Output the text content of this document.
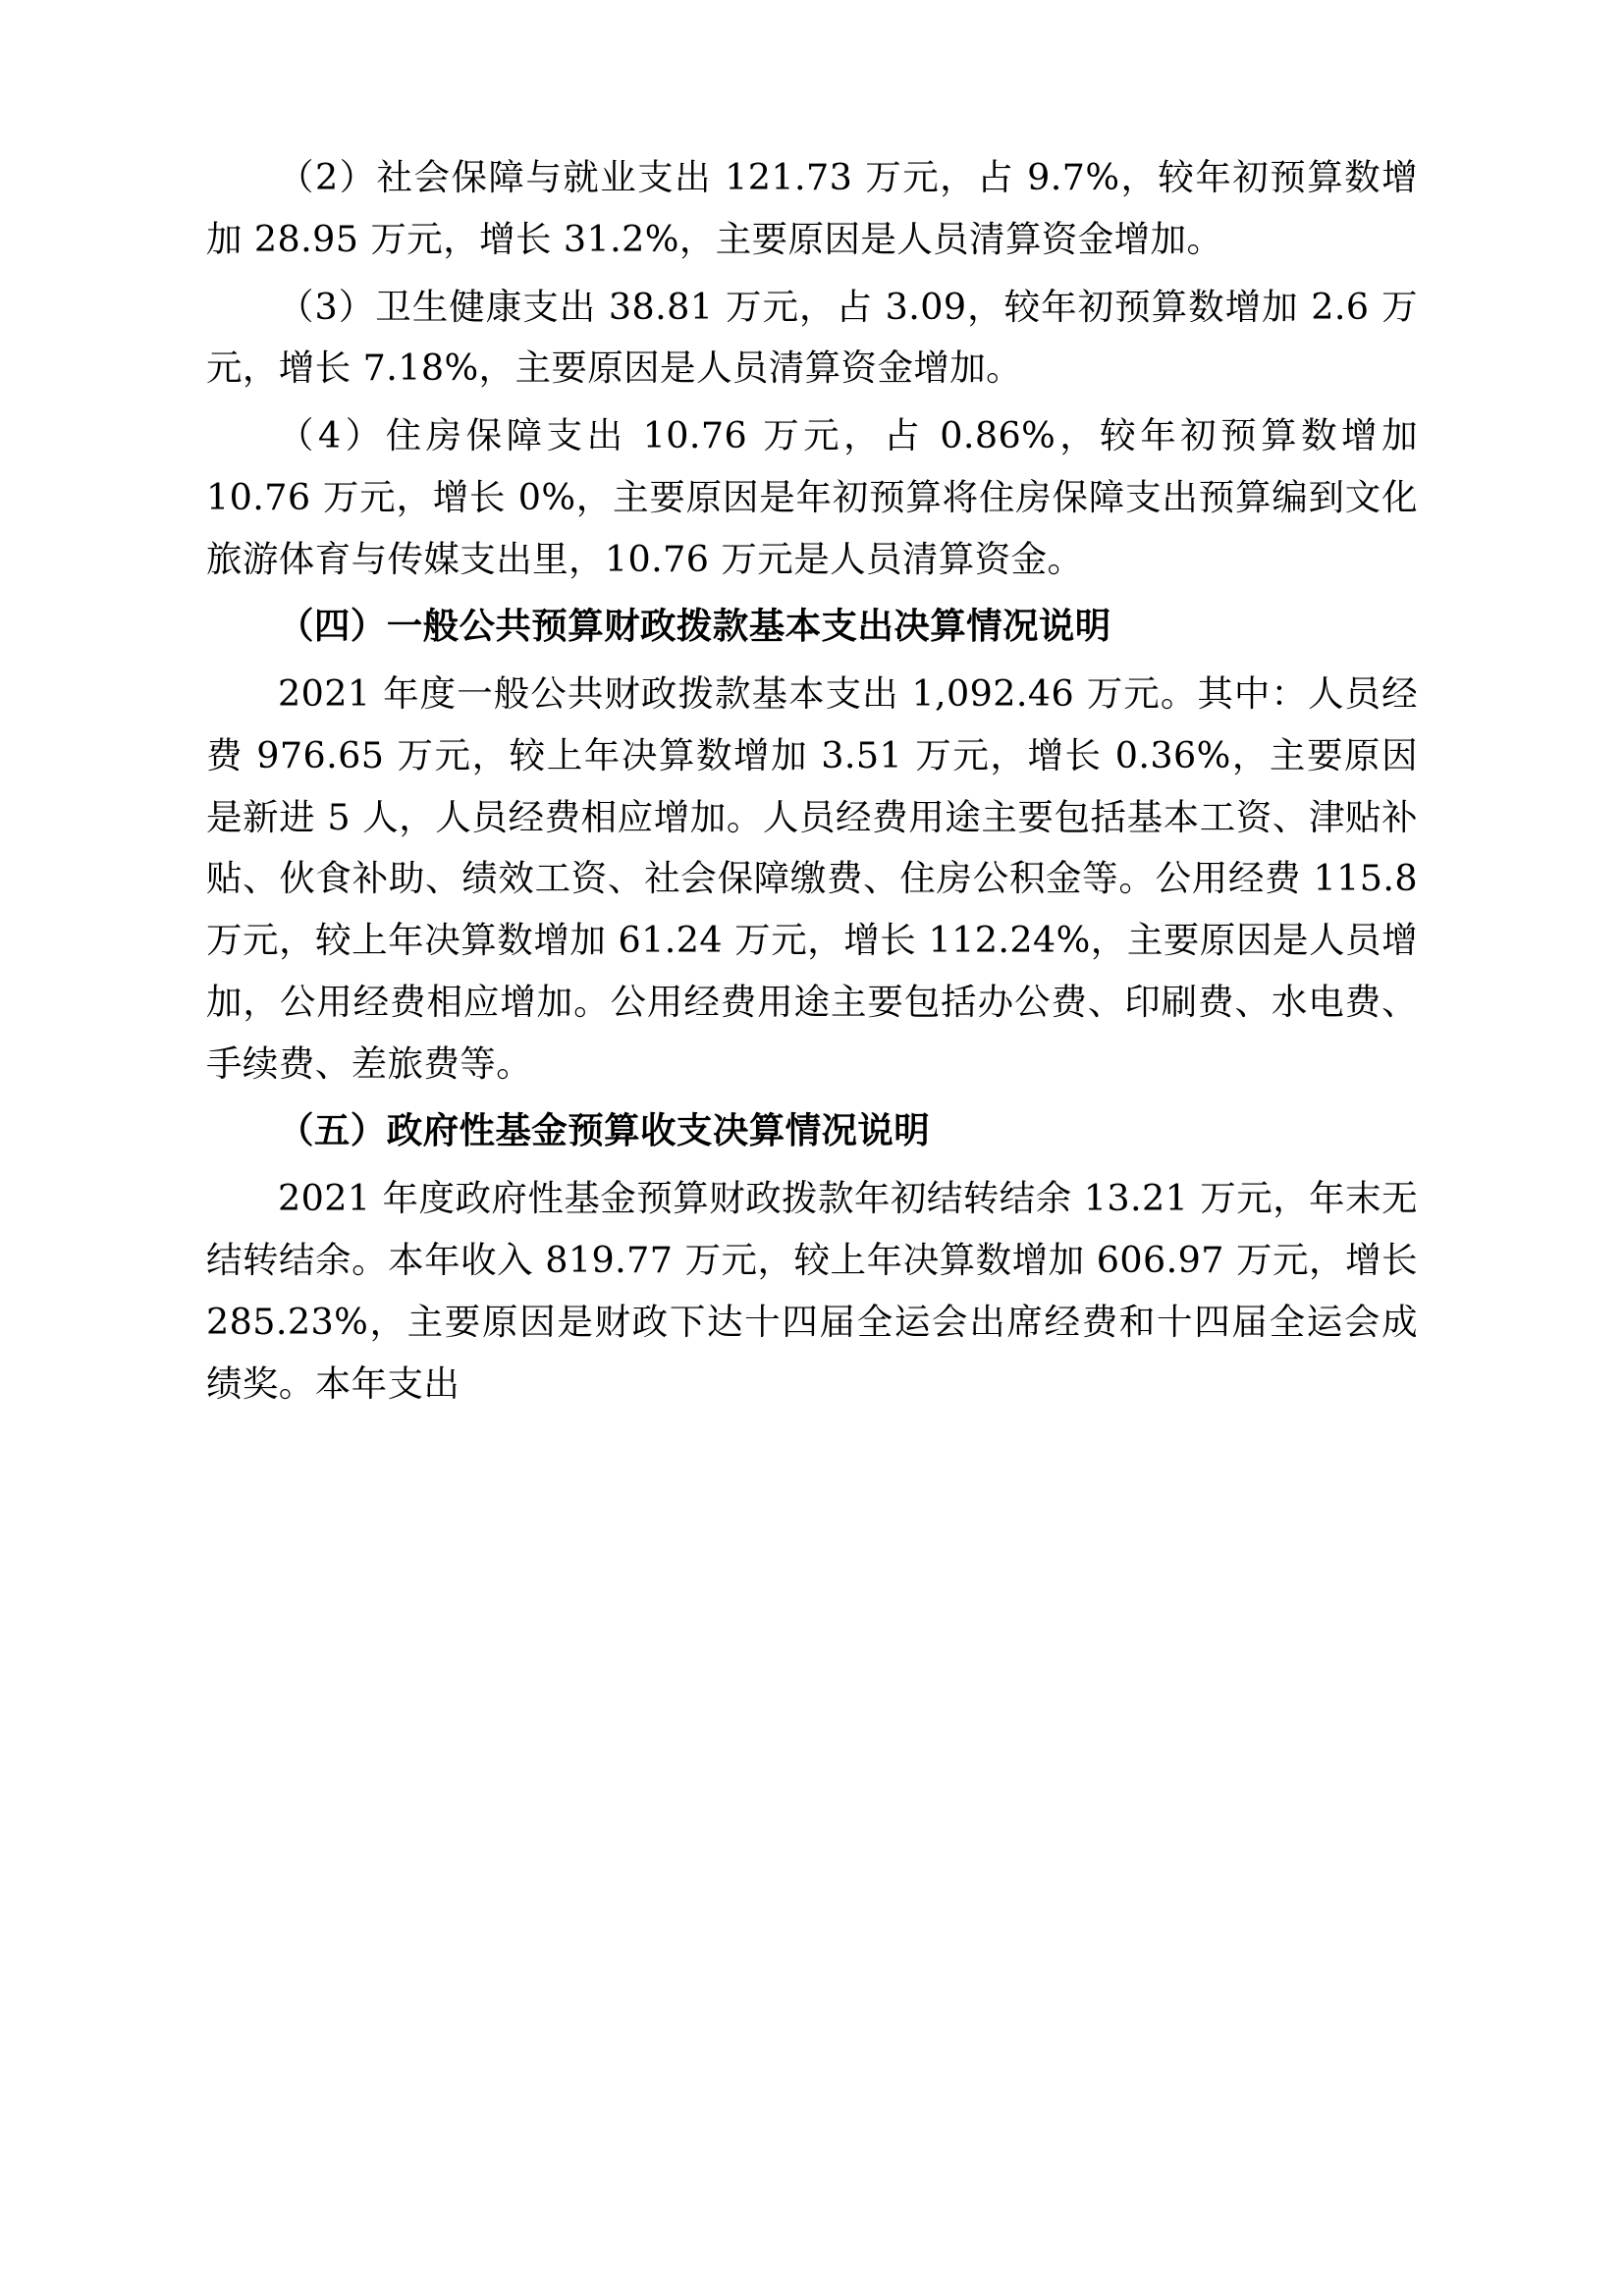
（2）社会保障与就业支出 121.73 万元，占 9.7%，较年初预算数增加 28.95 万元，增长 31.2%，主要原因是人员清算资金增加。

（3）卫生健康支出 38.81 万元，占 3.09，较年初预算数增加 2.6 万元，增长 7.18%，主要原因是人员清算资金增加。

（4）住房保障支出 10.76 万元，占 0.86%，较年初预算数增加 10.76 万元，增长 0%，主要原因是年初预算将住房保障支出预算编到文化旅游体育与传媒支出里，10.76 万元是人员清算资金。

（四）一般公共预算财政拨款基本支出决算情况说明

2021 年度一般公共财政拨款基本支出 1,092.46 万元。其中：人员经费 976.65 万元，较上年决算数增加 3.51 万元，增长 0.36%，主要原因是新进 5 人，人员经费相应增加。人员经费用途主要包括基本工资、津贴补贴、伙食补助、绩效工资、社会保障缴费、住房公积金等。公用经费 115.8 万元，较上年决算数增加 61.24 万元，增长 112.24%，主要原因是人员增加，公用经费相应增加。公用经费用途主要包括办公费、印刷费、水电费、手续费、差旅费等。

（五）政府性基金预算收支决算情况说明

2021 年度政府性基金预算财政拨款年初结转结余 13.21 万元，年末无结转结余。本年收入 819.77 万元，较上年决算数增加 606.97 万元，增长 285.23%，主要原因是财政下达十四届全运会出席经费和十四届全运会成绩奖。本年支出
